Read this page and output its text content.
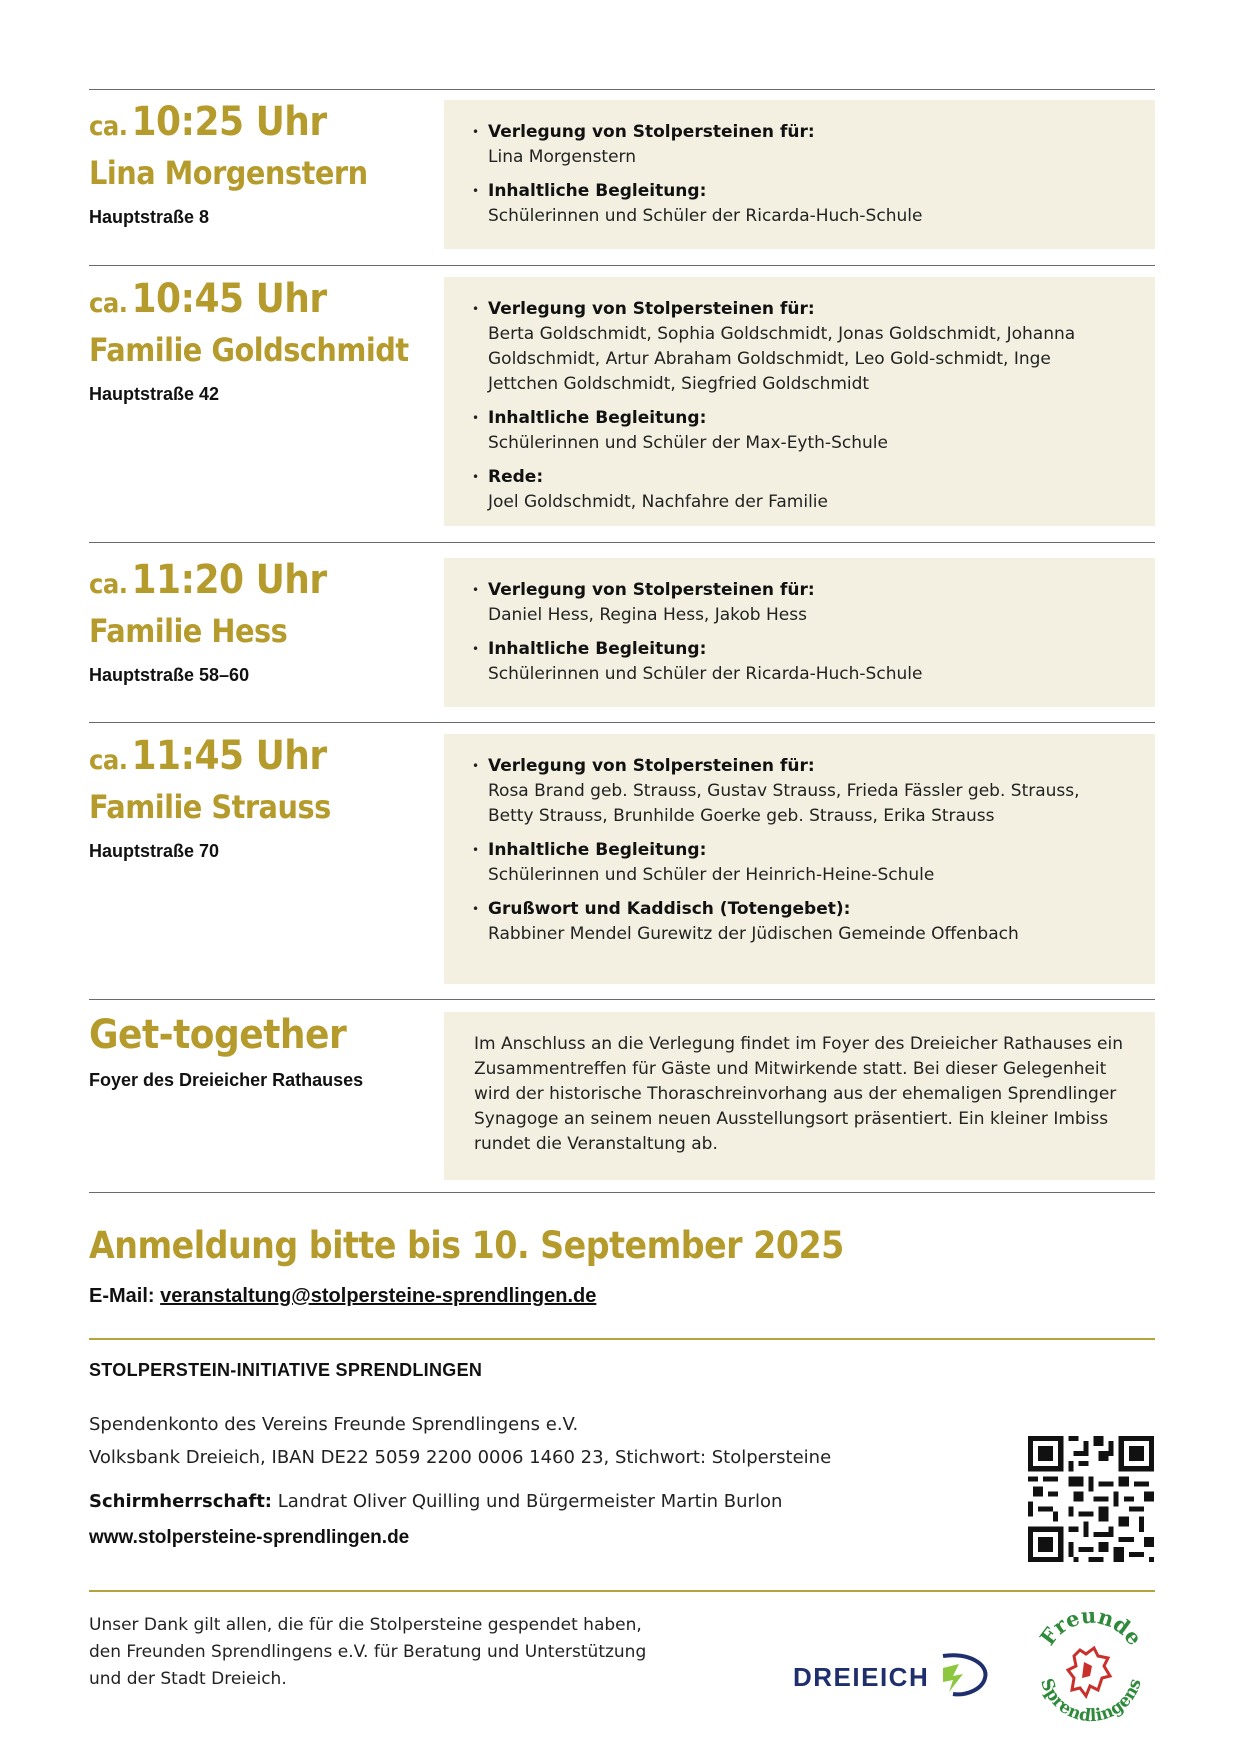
ca. 10:25 Uhr
Lina Morgenstern
Hauptstraße 8
• Verlegung von Stolpersteinen für:
Lina Morgenstern
• Inhaltliche Begleitung:
Schülerinnen und Schüler der Ricarda-Huch-Schule
ca. 10:45 Uhr
Familie Goldschmidt
Hauptstraße 42
• Verlegung von Stolpersteinen für:
Berta Goldschmidt, Sophia Goldschmidt, Jonas Goldschmidt, Johanna Goldschmidt, Artur Abraham Goldschmidt, Leo Gold-schmidt, Inge Jettchen Goldschmidt, Siegfried Goldschmidt
• Inhaltliche Begleitung:
Schülerinnen und Schüler der Max-Eyth-Schule
• Rede:
Joel Goldschmidt, Nachfahre der Familie
ca. 11:20 Uhr
Familie Hess
Hauptstraße 58–60
• Verlegung von Stolpersteinen für:
Daniel Hess, Regina Hess, Jakob Hess
• Inhaltliche Begleitung:
Schülerinnen und Schüler der Ricarda-Huch-Schule
ca. 11:45 Uhr
Familie Strauss
Hauptstraße 70
• Verlegung von Stolpersteinen für:
Rosa Brand geb. Strauss, Gustav Strauss, Frieda Fässler geb. Strauss, Betty Strauss, Brunhilde Goerke geb. Strauss, Erika Strauss
• Inhaltliche Begleitung:
Schülerinnen und Schüler der Heinrich-Heine-Schule
• Grußwort und Kaddisch (Totengebet):
Rabbiner Mendel Gurewitz der Jüdischen Gemeinde Offenbach
Get-together
Foyer des Dreieicher Rathauses
Im Anschluss an die Verlegung findet im Foyer des Dreieicher Rathauses ein Zusammentreffen für Gäste und Mitwirkende statt. Bei dieser Gelegenheit wird der historische Thoraschreinvorhang aus der ehemaligen Sprendlinger Synagoge an seinem neuen Ausstellungsort präsentiert. Ein kleiner Imbiss rundet die Veranstaltung ab.
Anmeldung bitte bis 10. September 2025
E-Mail: veranstaltung@stolpersteine-sprendlingen.de
STOLPERSTEIN-INITIATIVE SPRENDLINGEN
Spendenkonto des Vereins Freunde Sprendlingens e.V.
Volksbank Dreieich, IBAN DE22 5059 2200 0006 1460 23, Stichwort: Stolpersteine
Schirmherrschaft: Landrat Oliver Quilling und Bürgermeister Martin Burlon
www.stolpersteine-sprendlingen.de
Unser Dank gilt allen, die für die Stolpersteine gespendet haben,
den Freunden Sprendlingens e.V. für Beratung und Unterstützung
und der Stadt Dreieich.	DREIEICH
Freunde
Sprendlingens
